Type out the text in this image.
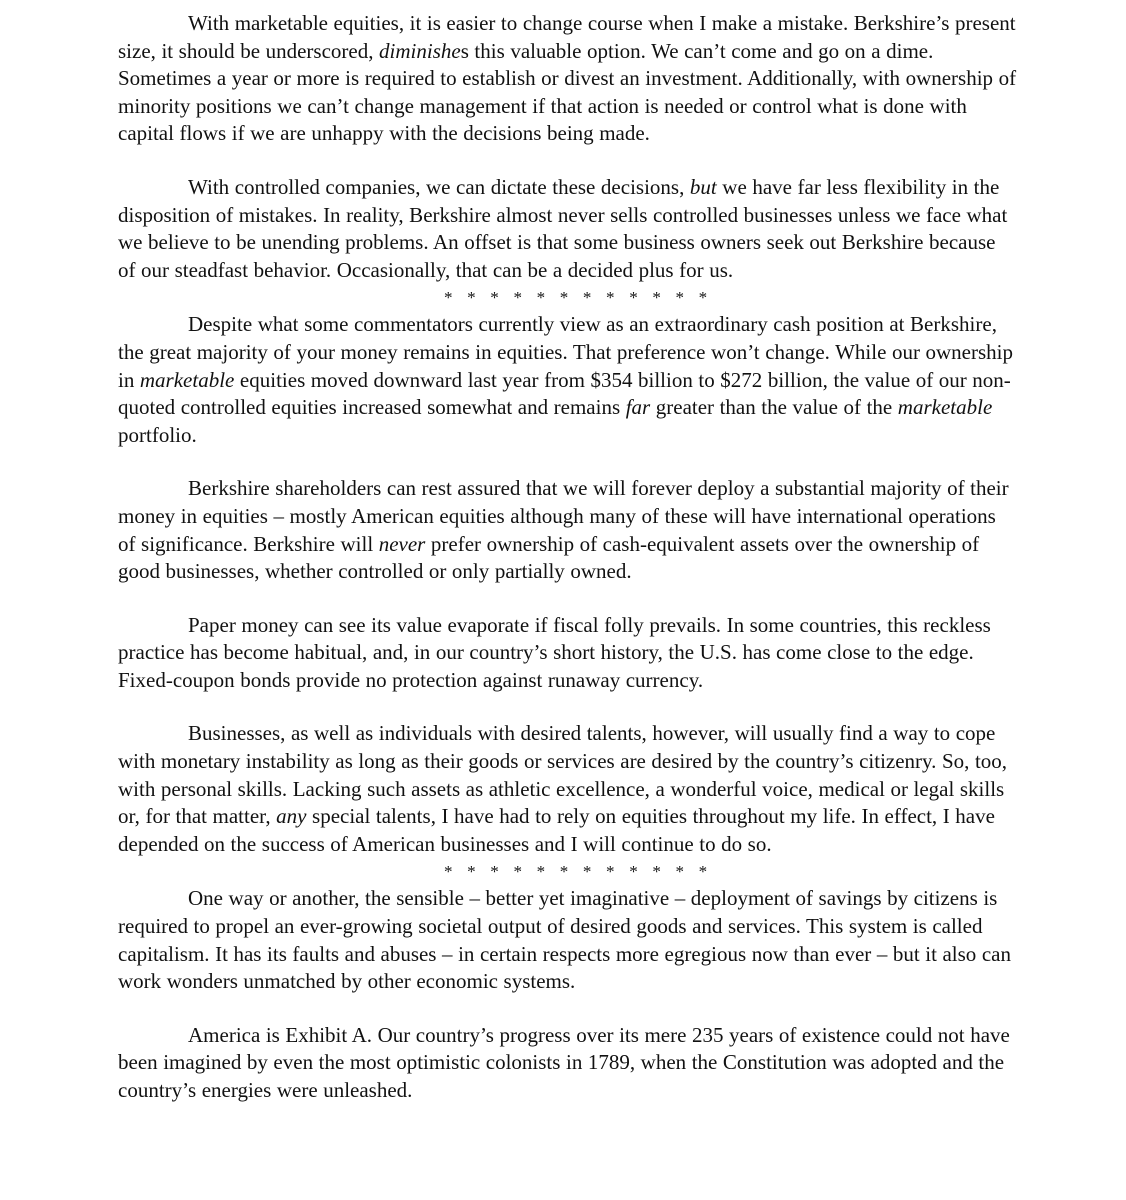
With marketable equities, it is easier to change course when I make a mistake. Berkshire’s present size, it should be underscored, diminishes this valuable option. We can’t come and go on a dime. Sometimes a year or more is required to establish or divest an investment. Additionally, with ownership of minority positions we can’t change management if that action is needed or control what is done with capital flows if we are unhappy with the decisions being made.

With controlled companies, we can dictate these decisions, but we have far less flexibility in the disposition of mistakes. In reality, Berkshire almost never sells controlled businesses unless we face what we believe to be unending problems. An offset is that some business owners seek out Berkshire because of our steadfast behavior. Occasionally, that can be a decided plus for us.

* * * * * * * * * * * *

Despite what some commentators currently view as an extraordinary cash position at Berkshire, the great majority of your money remains in equities. That preference won’t change. While our ownership in marketable equities moved downward last year from $354 billion to $272 billion, the value of our non-quoted controlled equities increased somewhat and remains far greater than the value of the marketable portfolio.

Berkshire shareholders can rest assured that we will forever deploy a substantial majority of their money in equities – mostly American equities although many of these will have international operations of significance. Berkshire will never prefer ownership of cash-equivalent assets over the ownership of good businesses, whether controlled or only partially owned.

Paper money can see its value evaporate if fiscal folly prevails. In some countries, this reckless practice has become habitual, and, in our country’s short history, the U.S. has come close to the edge. Fixed-coupon bonds provide no protection against runaway currency.

Businesses, as well as individuals with desired talents, however, will usually find a way to cope with monetary instability as long as their goods or services are desired by the country’s citizenry. So, too, with personal skills. Lacking such assets as athletic excellence, a wonderful voice, medical or legal skills or, for that matter, any special talents, I have had to rely on equities throughout my life. In effect, I have depended on the success of American businesses and I will continue to do so.

* * * * * * * * * * * *

One way or another, the sensible – better yet imaginative – deployment of savings by citizens is required to propel an ever-growing societal output of desired goods and services. This system is called capitalism. It has its faults and abuses – in certain respects more egregious now than ever – but it also can work wonders unmatched by other economic systems.

America is Exhibit A. Our country’s progress over its mere 235 years of existence could not have been imagined by even the most optimistic colonists in 1789, when the Constitution was adopted and the country’s energies were unleashed.
